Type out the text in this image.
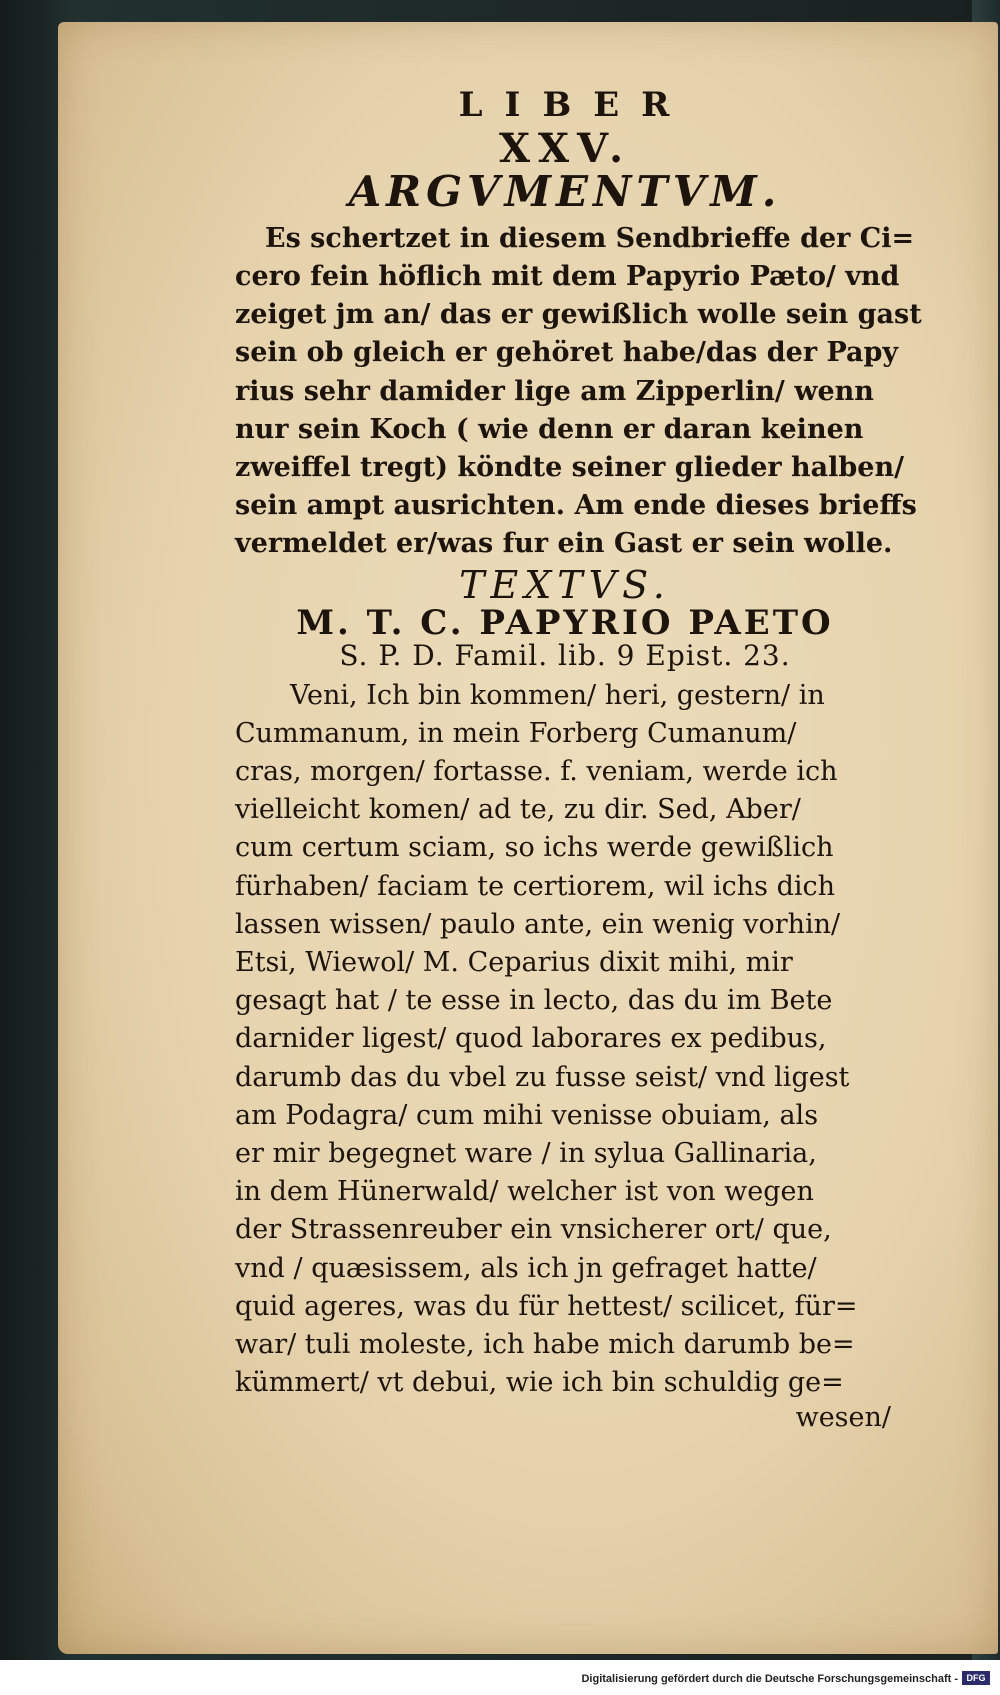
LIBER
XXV.
ARGVMENTVM.
Es schertzet in diesem Sendbrieffe der Ci=
cero fein höflich mit dem Papyrio Pæto/ vnd
zeiget jm an/ das er gewißlich wolle sein gast
sein ob gleich er gehöret habe/das der Papy
rius sehr damider lige am Zipperlin/ wenn
nur sein Koch ( wie denn er daran keinen
zweiffel tregt) köndte seiner glieder halben/
sein ampt ausrichten. Am ende dieses brieffs
vermeldet er/was fur ein Gast er sein wolle.
TEXTVS.
M. T. C. PAPYRIO PAETO
S. P. D. Famil. lib. 9 Epist. 23.
Veni, Ich bin kommen/ heri, gestern/ in
Cummanum, in mein Forberg Cumanum/
cras, morgen/ fortasse. f. veniam, werde ich
vielleicht komen/ ad te, zu dir. Sed, Aber/
cum certum sciam, so ichs werde gewißlich
fürhaben/ faciam te certiorem, wil ichs dich
lassen wissen/ paulo ante, ein wenig vorhin/
Etsi, Wiewol/ M. Ceparius dixit mihi, mir
gesagt hat / te esse in lecto, das du im Bete
darnider ligest/ quod laborares ex pedibus,
darumb das du vbel zu fusse seist/ vnd ligest
am Podagra/ cum mihi venisse obuiam, als
er mir begegnet ware / in sylua Gallinaria,
in dem Hünerwald/ welcher ist von wegen
der Strassenreuber ein vnsicherer ort/ que,
vnd / quæsissem, als ich jn gefraget hatte/
quid ageres, was du für hettest/ scilicet, für=
war/ tuli moleste, ich habe mich darumb be=
kümmert/ vt debui, wie ich bin schuldig ge=
wesen/
Digitalisierung gefördert durch die Deutsche Forschungsgemeinschaft - DFG
